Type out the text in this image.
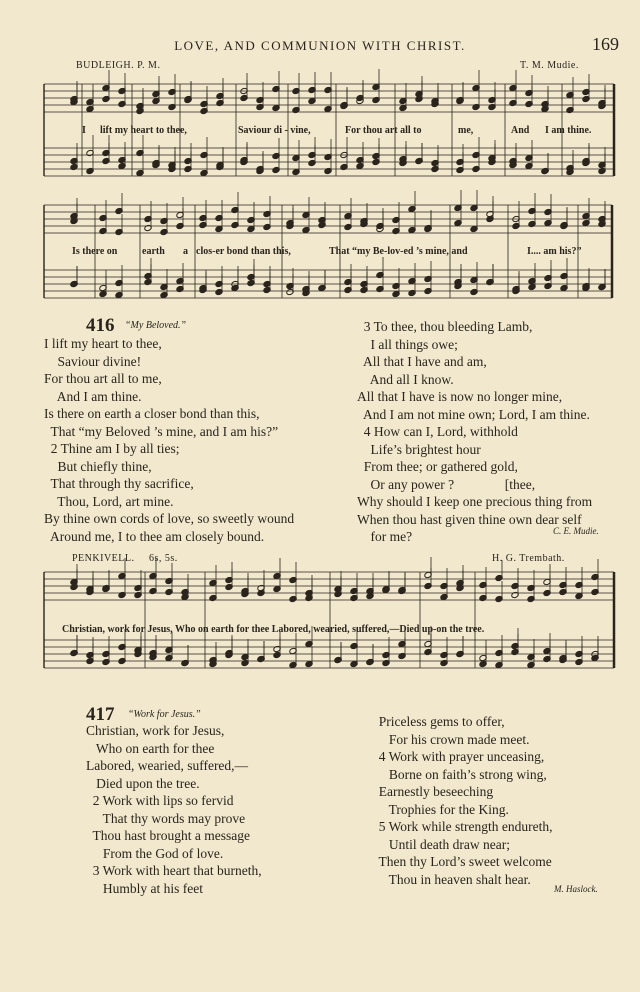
LOVE, AND COMMUNION WITH CHRIST.	169
BUDLEIGH. P. M.	T. M. Mudie.
I lift my heart to thee,	Saviour di - vine,	For thou art all to	me,	And I am thine.
Is there on earth a clos-er bond than this,	That “my Be-lov-ed ’s mine, and	I.... am his?”
416 “My Beloved.”
I lift my heart to thee,
Saviour divine!
For thou art all to me,
And I am thine.
Is there on earth a closer bond than this,
That “my Beloved ’s mine, and I am his?”
2 Thine am I by all ties;
But chiefly thine,
That through thy sacrifice,
Thou, Lord, art mine.
By thine own cords of love, so sweetly wound
Around me, I to thee am closely bound.
3 To thee, thou bleeding Lamb,
I all things owe;
All that I have and am,
And all I know.
All that I have is now no longer mine,
And I am not mine own; Lord, I am thine.
4 How can I, Lord, withhold
Life’s brightest hour
From thee; or gathered gold,
Or any power ?               [thee,
Why should I keep one precious thing from
When thou hast given thine own dear self
for me?	C. E. Mudie.
PENKIVELL. 6s, 5s.	H. G. Trembath.
Christian, work for Jesus, Who on earth for thee Labored, wearied, suffered,—Died up-on the tree.
417 “Work for Jesus.”
Christian, work for Jesus,
Who on earth for thee
Labored, wearied, suffered,—
Died upon the tree.
2 Work with lips so fervid
That thy words may prove
Thou hast brought a message
From the God of love.
3 Work with heart that burneth,
Humbly at his feet
Priceless gems to offer,
For his crown made meet.
4 Work with prayer unceasing,
Borne on faith’s strong wing,
Earnestly beseeching
Trophies for the King.
5 Work while strength endureth,
Until death draw near;
Then thy Lord’s sweet welcome
Thou in heaven shalt hear.
M. Haslock.
